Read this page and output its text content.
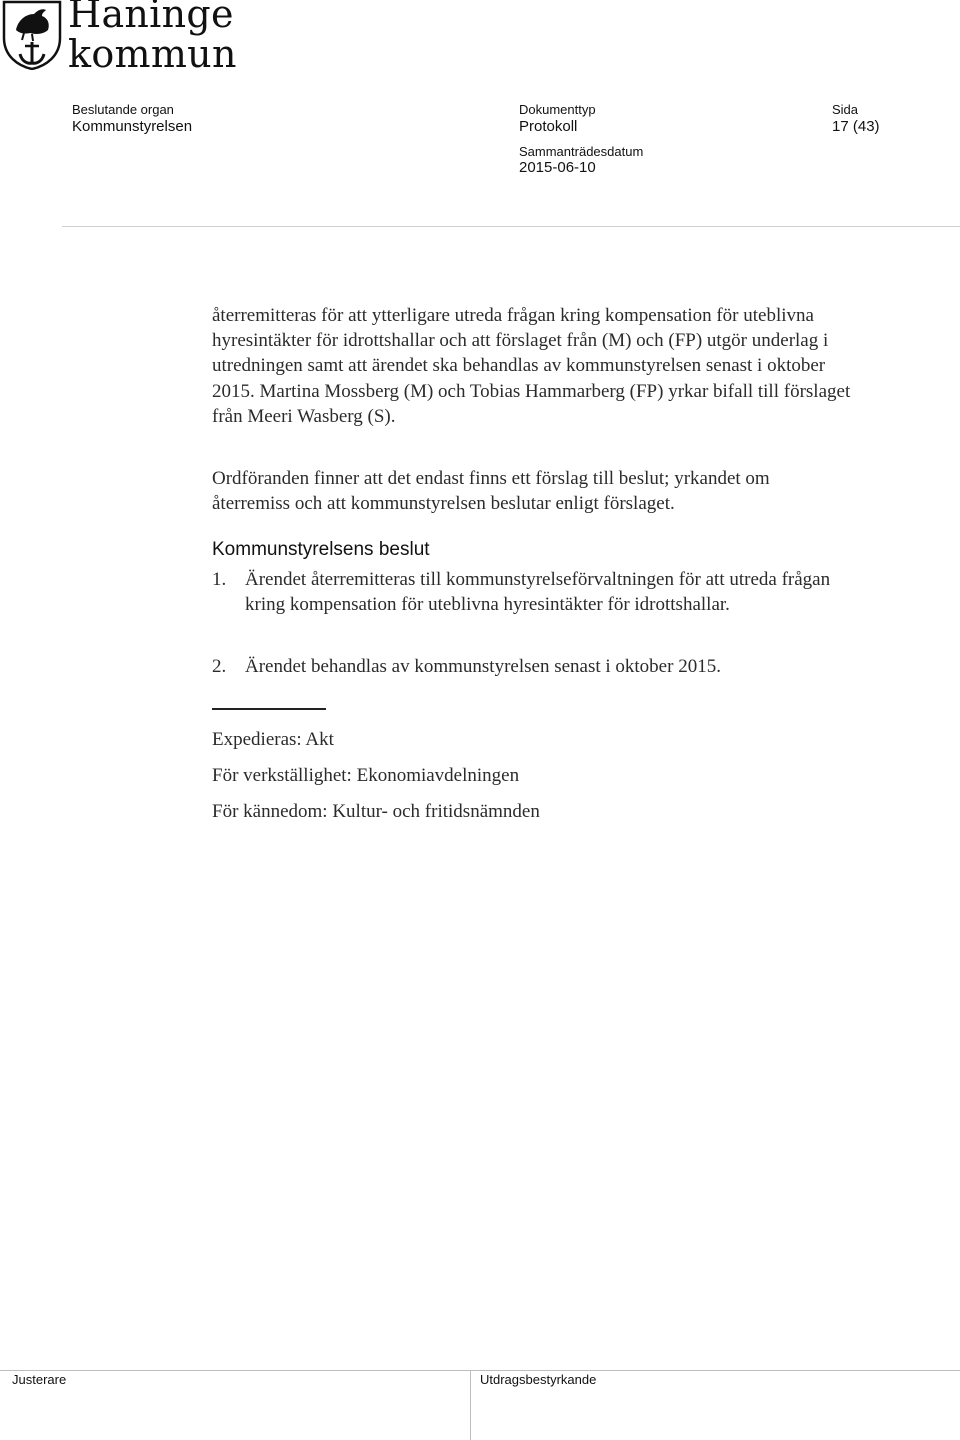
Haninge
kommun
Beslutande organ
Kommunstyrelsen
Dokumenttyp
Protokoll
Sammanträdesdatum
2015-06-10
Sida
17 (43)
återremitteras för att ytterligare utreda frågan kring kompensation för uteblivna hyresintäkter för idrottshallar och att förslaget från (M) och (FP) utgör underlag i utredningen samt att ärendet ska behandlas av kommunstyrelsen senast i oktober 2015. Martina Mossberg (M) och Tobias Hammarberg (FP) yrkar bifall till förslaget från Meeri Wasberg (S).
Ordföranden finner att det endast finns ett förslag till beslut; yrkandet om återremiss och att kommunstyrelsen beslutar enligt förslaget.
Kommunstyrelsens beslut
1. Ärendet återremitteras till kommunstyrelseförvaltningen för att utreda frågan kring kompensation för uteblivna hyresintäkter för idrottshallar.
2. Ärendet behandlas av kommunstyrelsen senast i oktober 2015.
Expedieras: Akt
För verkställighet: Ekonomiavdelningen
För kännedom: Kultur- och fritidsnämnden
Justerare	Utdragsbestyrkande
